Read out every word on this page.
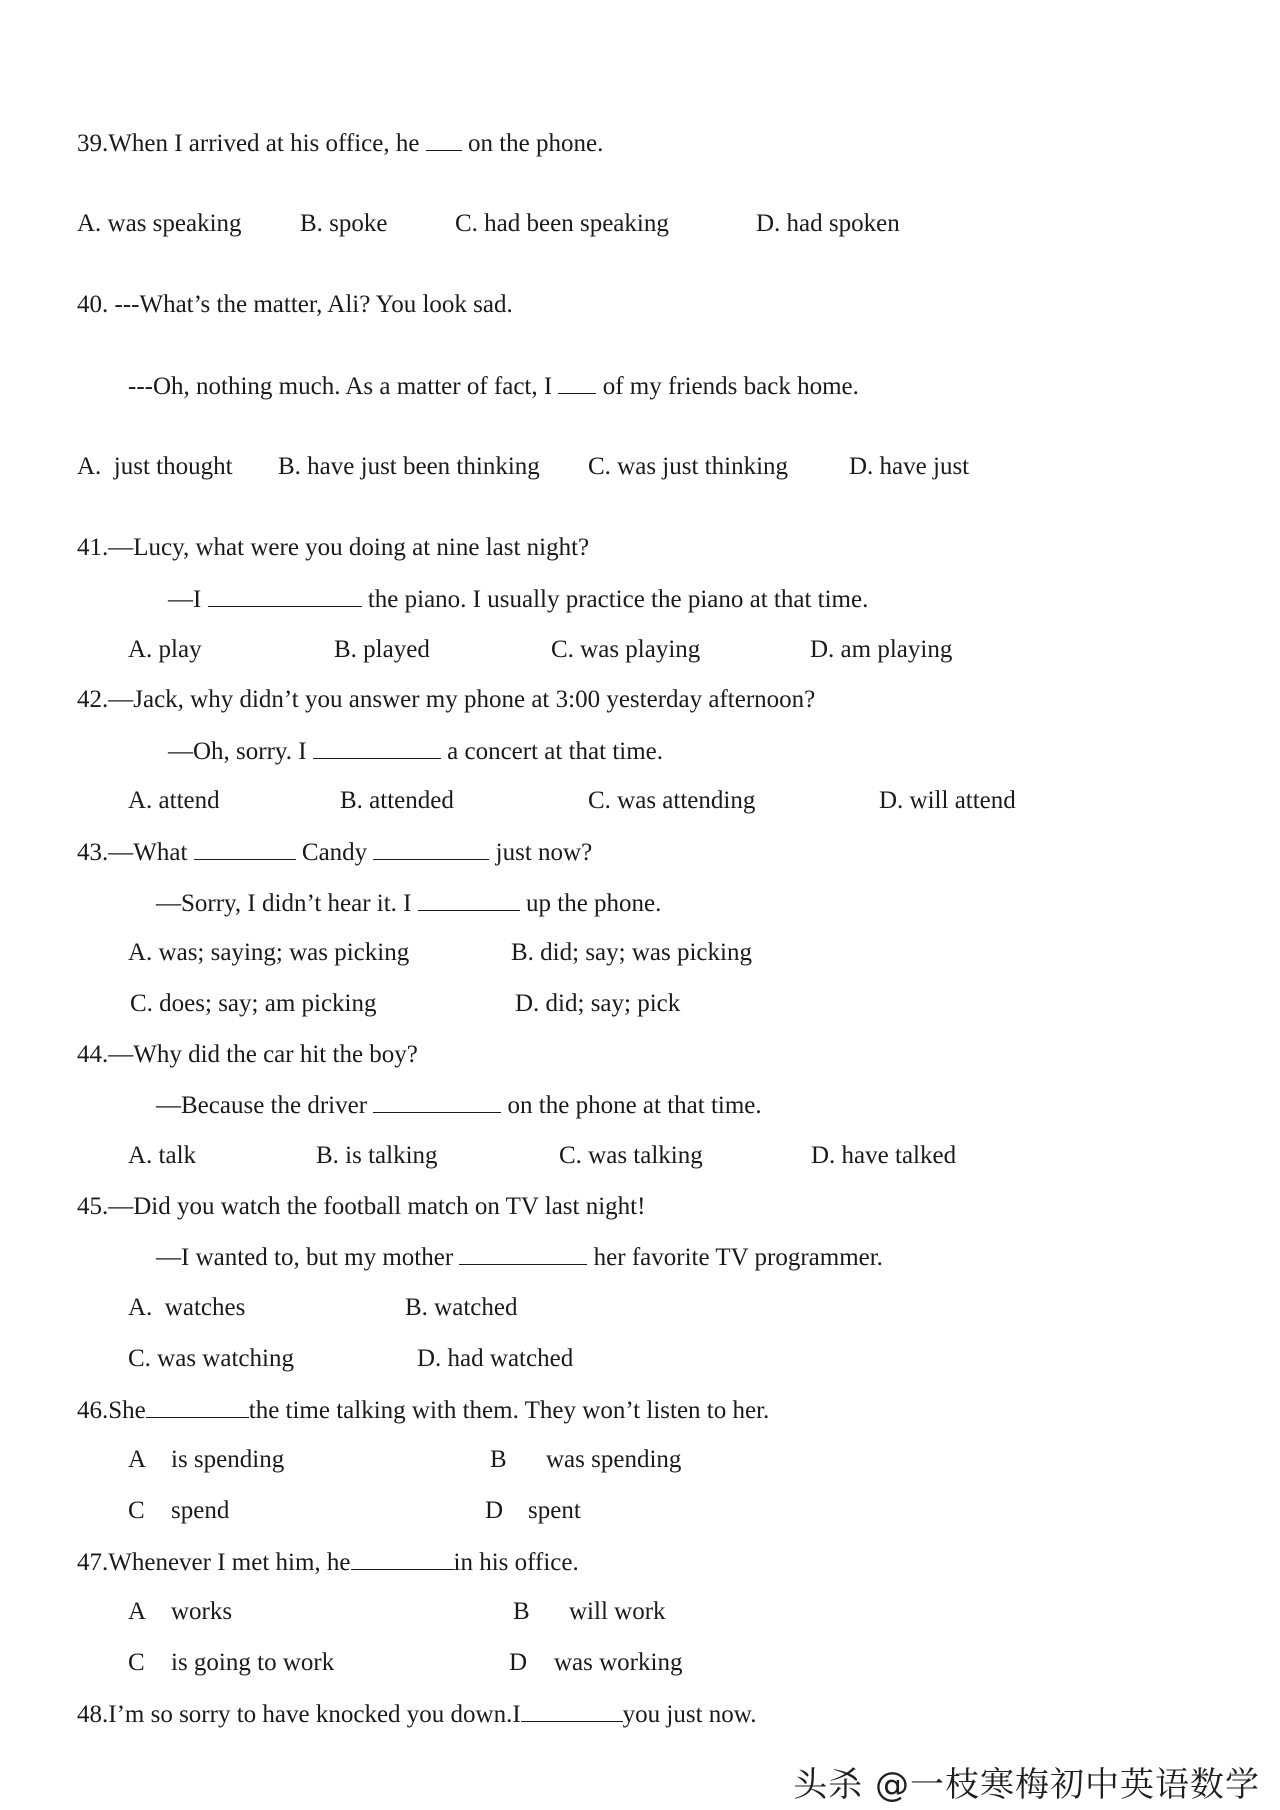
39.When I arrived at his office, he  on the phone.
A. was speaking B. spoke	C. had been speaking	D. had spoken
40. ---What’s the matter, Ali? You look sad.
---Oh, nothing much. As a matter of fact, I  of my friends back home.
A.  just thought B. have just been thinking C. was just thinking D. have just
41.—Lucy, what were you doing at nine last night?
—I	the piano. I usually practice the piano at that time.
A. play	B. played	C. was playing	D. am playing
42.—Jack, why didn’t you answer my phone at 3:00 yesterday afternoon?
—Oh, sorry. I	a concert at that time.
A. attend	B. attended	C. was attending	D. will attend
43.—What	Candy	just now?
—Sorry, I didn’t hear it. I	up the phone.
A. was; saying; was picking	B. did; say; was picking
C. does; say; am picking	D. did; say; pick
44.—Why did the car hit the boy?
—Because the driver	on the phone at that time.
A. talk	B. is talking	C. was talking	D. have talked
45.—Did you watch the football match on TV last night!
—I wanted to, but my mother	her favorite TV programmer.
A.  watches	B. watched
C. was watching	D. had watched
46.She	the time talking with them. They won’t listen to her.
A is spending	B was spending
C spend	D spent
47.Whenever I met him, he	in his office.
A works	B will work
C is going to work	D was working
48.I’m so sorry to have knocked you down.I	you just now.
头杀 @一枝寒梅初中英语数学
